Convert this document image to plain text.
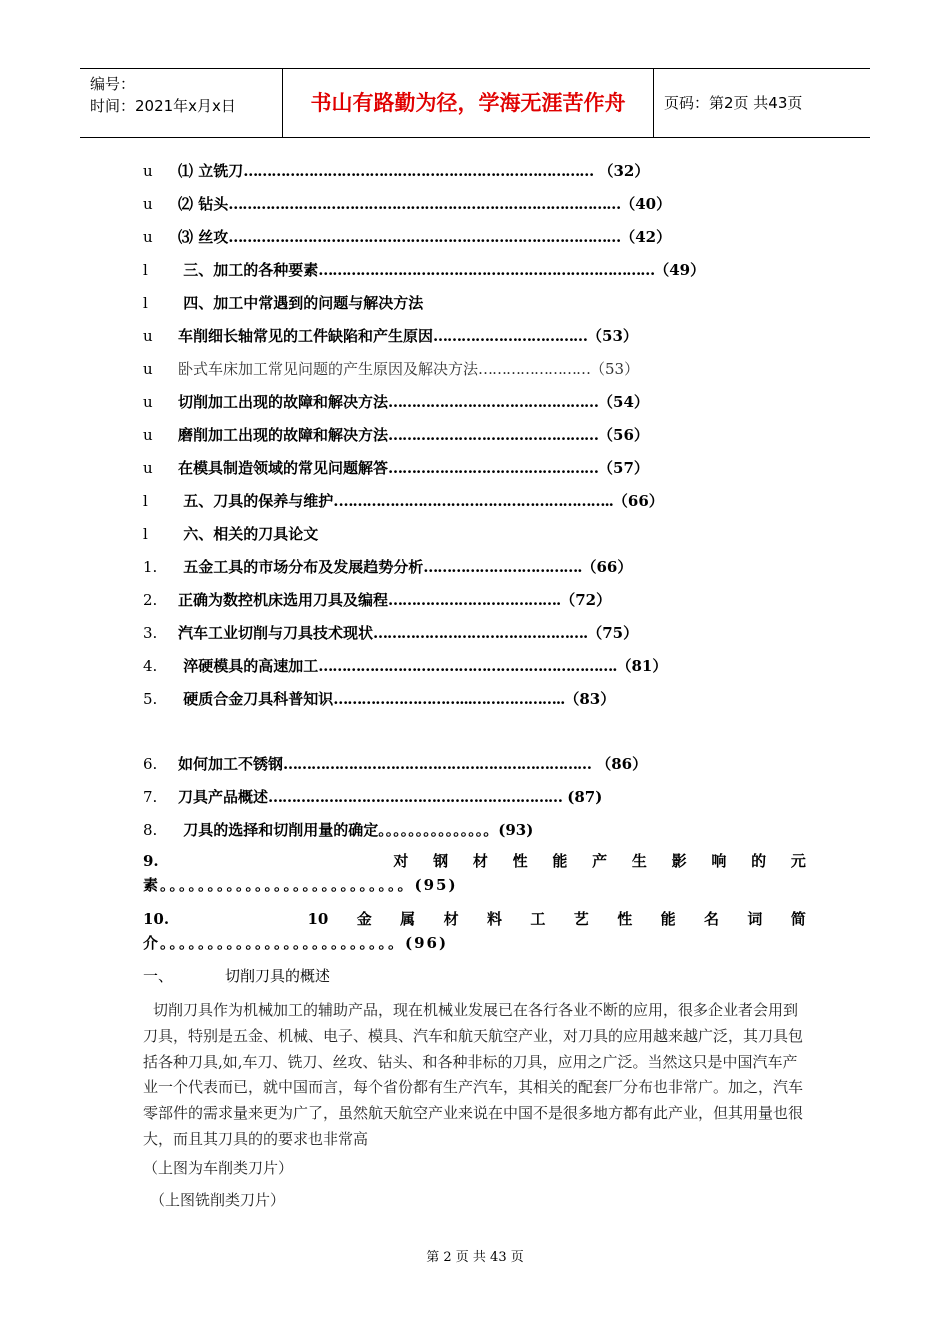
编号：
时间：2021年x月x日	书山有路勤为径，学海无涯苦作舟	页码：第2页 共43页
u ⑴ 立铣刀………………………………………………………………… （32）
u ⑵ 钻头…………………………………………………………………………（40）
u ⑶ 丝攻…………………………………………………………………………（42）
l 三、加工的各种要素………………………………………………………………（49）
l 四、加工中常遇到的问题与解决方法
u 车削细长轴常见的工件缺陷和产生原因……………………………（53）
u 卧式车床加工常见问题的产生原因及解决方法……………………（53）
u 切削加工出现的故障和解决方法………………………………………（54）
u 磨削加工出现的故障和解决方法………………………………………（56）
u 在模具制造领域的常见问题解答………………………………………（57）
l 五、刀具的保养与维护.…………………………………………………..（66）
l 六、相关的刀具论文
1. 五金工具的市场分布及发展趋势分析…………………………….（66）
2. 正确为数控机床选用刀具及编程……………………………….（72）
3. 汽车工业切削与刀具技术现状……………………………………….（75）
4. 淬硬模具的高速加工……………………………………………………….（81）
5. 硬质合金刀具科普知识………………………...………………..（83）
6. 如何加工不锈钢………………………………………………………… （86）
7. 刀具产品概述……………………………………………………… (87)
8. 刀具的选择和切削用量的确定。。。。。。。。。。。。。。。(93)
9.	对 钢 材 性 能 产 生 影 响 的 元
素。。。。。。。。。。。。。。。。。。。。。。。。。。(95)
10.	10 金 属 材 料 工 艺 性 能 名 词 简
介。。。。。。。。。。。。。。。。。。。。。。。。。(96)
一、	切削刀具的概述
切削刀具作为机械加工的辅助产品，现在机械业发展已在各行各业不断的应用，很多企业者会用到刀具，特别是五金、机械、电子、模具、汽车和航天航空产业，对刀具的应用越来越广泛，其刀具包括各种刀具,如,车刀、铣刀、丝攻、钻头、和各种非标的刀具，应用之广泛。当然这只是中国汽车产业一个代表而已，就中国而言，每个省份都有生产汽车，其相关的配套厂分布也非常广。加之，汽车零部件的需求量来更为广了，虽然航天航空产业来说在中国不是很多地方都有此产业，但其用量也很大，而且其刀具的的要求也非常高
（上图为车削类刀片）
（上图铣削类刀片）
第 2 页 共 43 页
